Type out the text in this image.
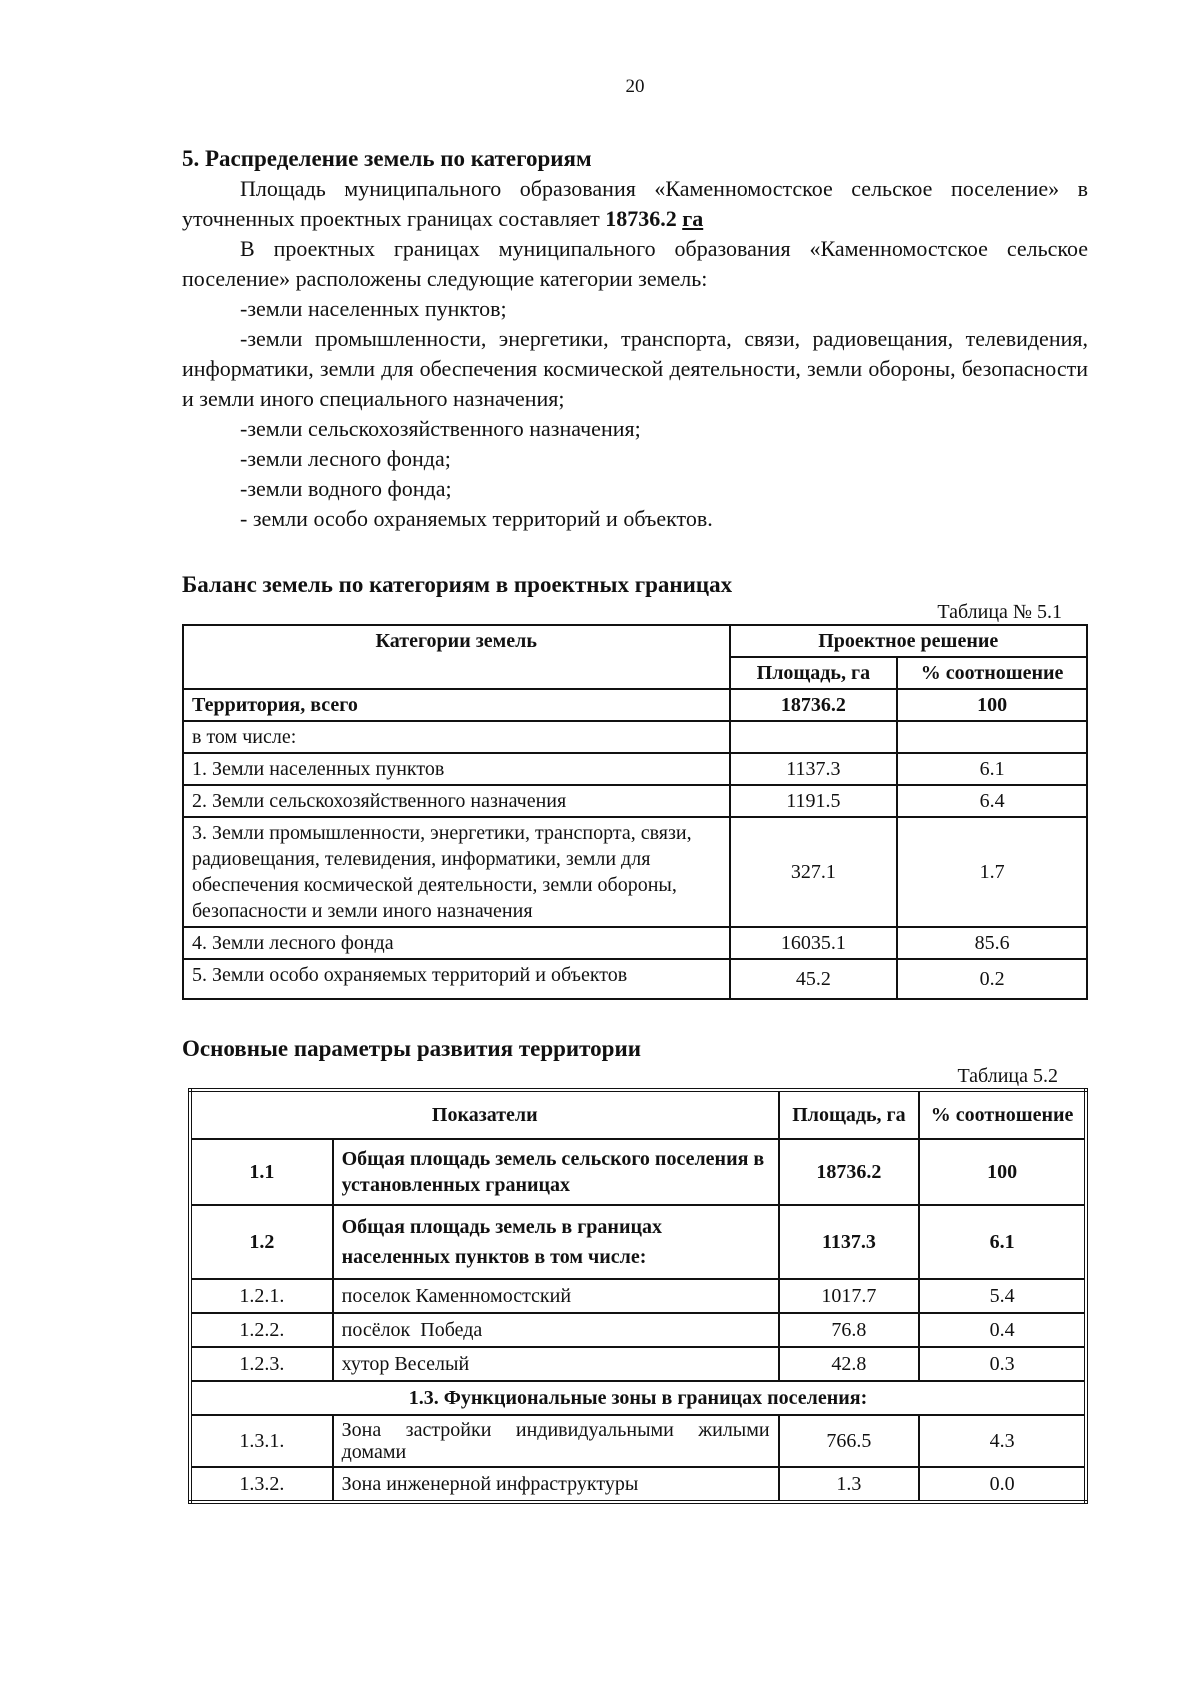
20

5. Распределение земель по категориям

Площадь муниципального образования «Каменномостское сельское поселение» в уточненных проектных границах составляет 18736.2 га

В проектных границах муниципального образования «Каменномостское сельское поселение» расположены следующие категории земель:

-земли населенных пунктов;

-земли промышленности, энергетики, транспорта, связи, радиовещания, телевидения, информатики, земли для обеспечения космической деятельности, земли обороны, безопасности и земли иного специального назначения;

-земли сельскохозяйственного назначения;

-земли лесного фонда;

-земли водного фонда;

- земли особо охраняемых территорий и объектов.

Баланс земель по категориям в проектных границах

Таблица № 5.1

Категории земель	Проектное решение	
	Площадь, га	% соотношение
Территория, всего	18736.2	100
в том числе:		
1. Земли населенных пунктов	1137.3	6.1
2. Земли сельскохозяйственного назначения	1191.5	6.4
3. Земли промышленности, энергетики, транспорта, связи, радиовещания, телевидения, информатики, земли для обеспечения космической деятельности, земли обороны, безопасности и земли иного назначения	327.1	1.7
4. Земли лесного фонда	16035.1	85.6
5. Земли особо охраняемых территорий и объектов	45.2	0.2

Основные параметры развития территории

Таблица 5.2

Показатели		Площадь, га	% соотношение
1.1	Общая площадь земель сельского поселения в установленных границах	18736.2	100
1.2	Общая площадь земель в границах населенных пунктов в том числе:	1137.3	6.1
1.2.1.	поселок Каменномостский	1017.7	5.4
1.2.2.	посёлок  Победа	76.8	0.4
1.2.3.	хутор Веселый	42.8	0.3
1.3. Функциональные зоны в границах поселения:			
1.3.1.	Зона застройки индивидуальными жилыми домами	766.5	4.3
1.3.2.	Зона инженерной инфраструктуры	1.3	0.0
